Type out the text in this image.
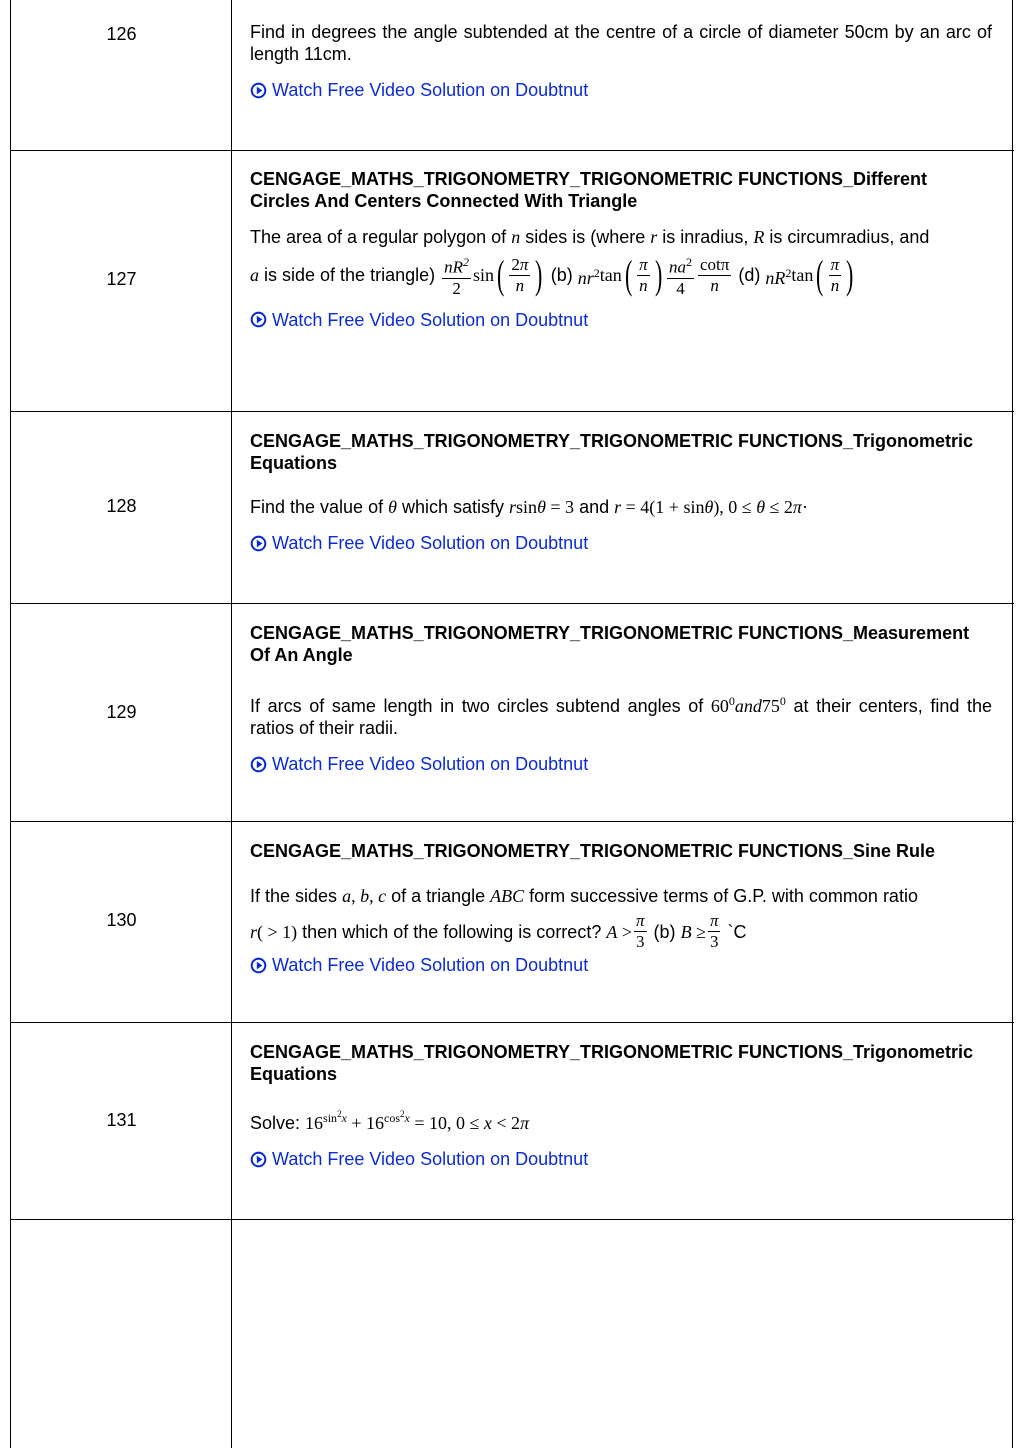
126	Find in degrees the angle subtended at the centre of a circle of diameter 50cm by an arc of length 11cm.

Watch Free Video Solution on Doubtnut
127

CENGAGE_MATHS_TRIGONOMETRY_TRIGONOMETRIC FUNCTIONS_Different Circles And Centers Connected With Triangle

The area of a regular polygon of n sides is (where r is inradius, R is circumradius, and
a
is side of the triangle)
$\frac{nR^2}{2}$ sin ( $\frac{2\pi}{n}$ )
(b)
$nr^2$ tan ( $\frac{\pi}{n}$ ) $\frac{na^2}{4} \frac{\cot\pi}{n}$
(d)
$nR^2$ tan ( $\frac{\pi}{n}$ )
Watch Free Video Solution on Doubtnut
128

CENGAGE_MATHS_TRIGONOMETRY_TRIGONOMETRIC FUNCTIONS_Trigonometric Equations

Find the value of θ which satisfy rsinθ = 3 and r = 4(1 + sinθ), 0 ≤ θ ≤ 2π·
Watch Free Video Solution on Doubtnut
129

CENGAGE_MATHS_TRIGONOMETRY_TRIGONOMETRIC FUNCTIONS_Measurement Of An Angle

If arcs of same length in two circles subtend angles of $60^0and75^0$ at their centers, find the ratios of their radii.
Watch Free Video Solution on Doubtnut
130

CENGAGE_MATHS_TRIGONOMETRY_TRIGONOMETRIC FUNCTIONS_Sine Rule

If the sides a, b, c of a triangle ABC form successive terms of G.P. with common ratio
r( > 1)
then which of the following is correct?
$A > \frac{\pi}{3}$
(b)
$B \ge \frac{\pi}{3}$
`C
Watch Free Video Solution on Doubtnut
131

CENGAGE_MATHS_TRIGONOMETRY_TRIGONOMETRIC FUNCTIONS_Trigonometric Equations

Solve: $16^{sin^2x} + 16^{cos^2x} = 10$, 0 ≤ x < 2π
Watch Free Video Solution on Doubtnut
